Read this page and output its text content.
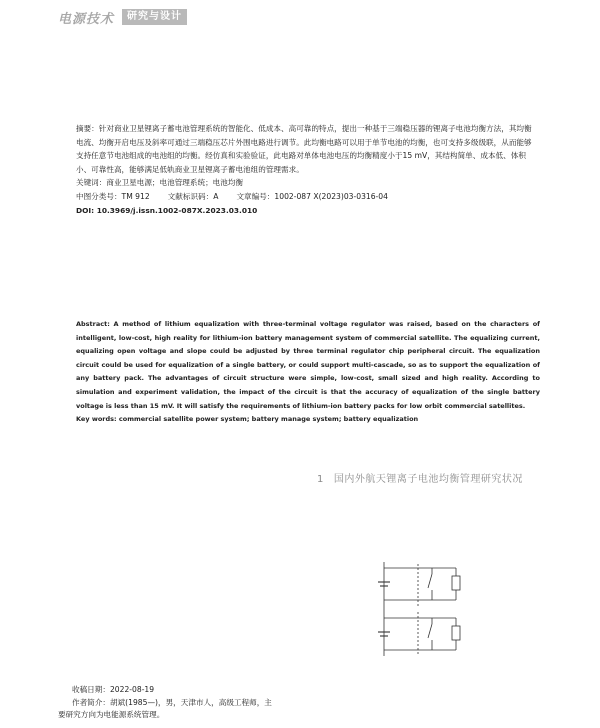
电源技术	研究与设计

摘要：针对商业卫星锂离子蓄电池管理系统的智能化、低成本、高可靠的特点，提出一种基于三端稳压器的锂离子电池均衡方法，其均衡电流、均衡开启电压及斜率可通过三端稳压芯片外围电路进行调节。此均衡电路可以用于单节电池的均衡，也可支持多级级联，从而能够支持任意节电池组成的电池组的均衡。经仿真和实验验证，此电路对单体电池电压的均衡精度小于15 mV，其结构简单、成本低、体积小、可靠性高，能够满足低轨商业卫星锂离子蓄电池组的管理需求。

关键词：商业卫星电源；电池管理系统；电池均衡

中图分类号：TM 912 文献标识码：A 文章编号：1002-087 X(2023)03-0316-04

DOI: 10.3969/j.issn.1002-087X.2023.03.010

Abstract: A method of lithium equalization with three-terminal voltage regulator was raised, based on the characters of intelligent, low-cost, high reality for lithium-ion battery management system of commercial satellite. The equalizing current, equalizing open voltage and slope could be adjusted by three terminal regulator chip peripheral circuit. The equalization circuit could be used for equalization of a single battery, or could support multi-cascade, so as to support the equalization of any battery pack. The advantages of circuit structure were simple, low-cost, small sized and high reality. According to simulation and experiment validation, the impact of the circuit is that the accuracy of equalization of the single battery voltage is less than 15 mV. It will satisfy the requirements of lithium-ion battery packs for low orbit commercial satellites.

Key words: commercial satellite power system; battery manage system; battery equalization

1 国内外航天锂离子电池均衡管理研究状况

收稿日期：2022-08-19

作者简介：胡斌(1985—)，男，天津市人，高级工程师，主

要研究方向为电能源系统管理。
